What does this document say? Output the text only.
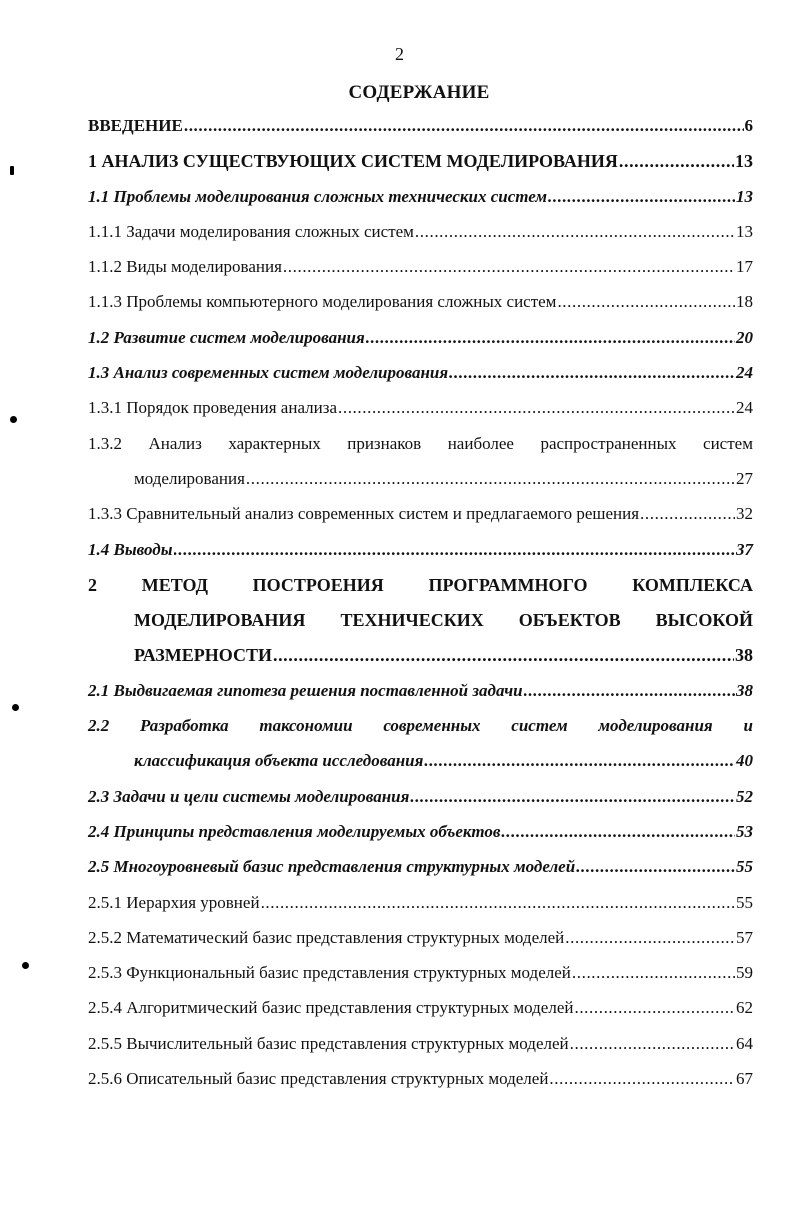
2
СОДЕРЖАНИЕ
ВВЕДЕНИЕ .....	6
1 АНАЛИЗ СУЩЕСТВУЮЩИХ СИСТЕМ МОДЕЛИРОВАНИЯ .....	13
1.1 Проблемы моделирования сложных технических систем .....	13
1.1.1 Задачи моделирования сложных систем .....	13
1.1.2 Виды моделирования .....	17
1.1.3 Проблемы компьютерного моделирования сложных систем .....	18
1.2 Развитие систем моделирования .....	20
1.3 Анализ современных систем моделирования .....	24
1.3.1 Порядок проведения анализа .....	24
1.3.2 Анализ характерных признаков наиболее распространенных систем
моделирования .....	27
1.3.3 Сравнительный анализ современных систем и предлагаемого решения .....	32
1.4 Выводы .....	37
2 МЕТОД ПОСТРОЕНИЯ ПРОГРАММНОГО КОМПЛЕКСА
МОДЕЛИРОВАНИЯ ТЕХНИЧЕСКИХ ОБЪЕКТОВ ВЫСОКОЙ
РАЗМЕРНОСТИ .....	38
2.1 Выдвигаемая гипотеза решения поставленной задачи .....	38
2.2 Разработка таксономии современных систем моделирования и
классификация объекта исследования .....	40
2.3 Задачи и цели системы моделирования .....	52
2.4 Принципы представления моделируемых объектов .....	53
2.5 Многоуровневый базис представления структурных моделей .....	55
2.5.1 Иерархия уровней .....	55
2.5.2 Математический базис представления структурных моделей .....	57
2.5.3 Функциональный базис представления структурных моделей .....	59
2.5.4 Алгоритмический базис представления структурных моделей .....	62
2.5.5 Вычислительный базис представления структурных моделей .....	64
2.5.6 Описательный базис представления структурных моделей .....	67
